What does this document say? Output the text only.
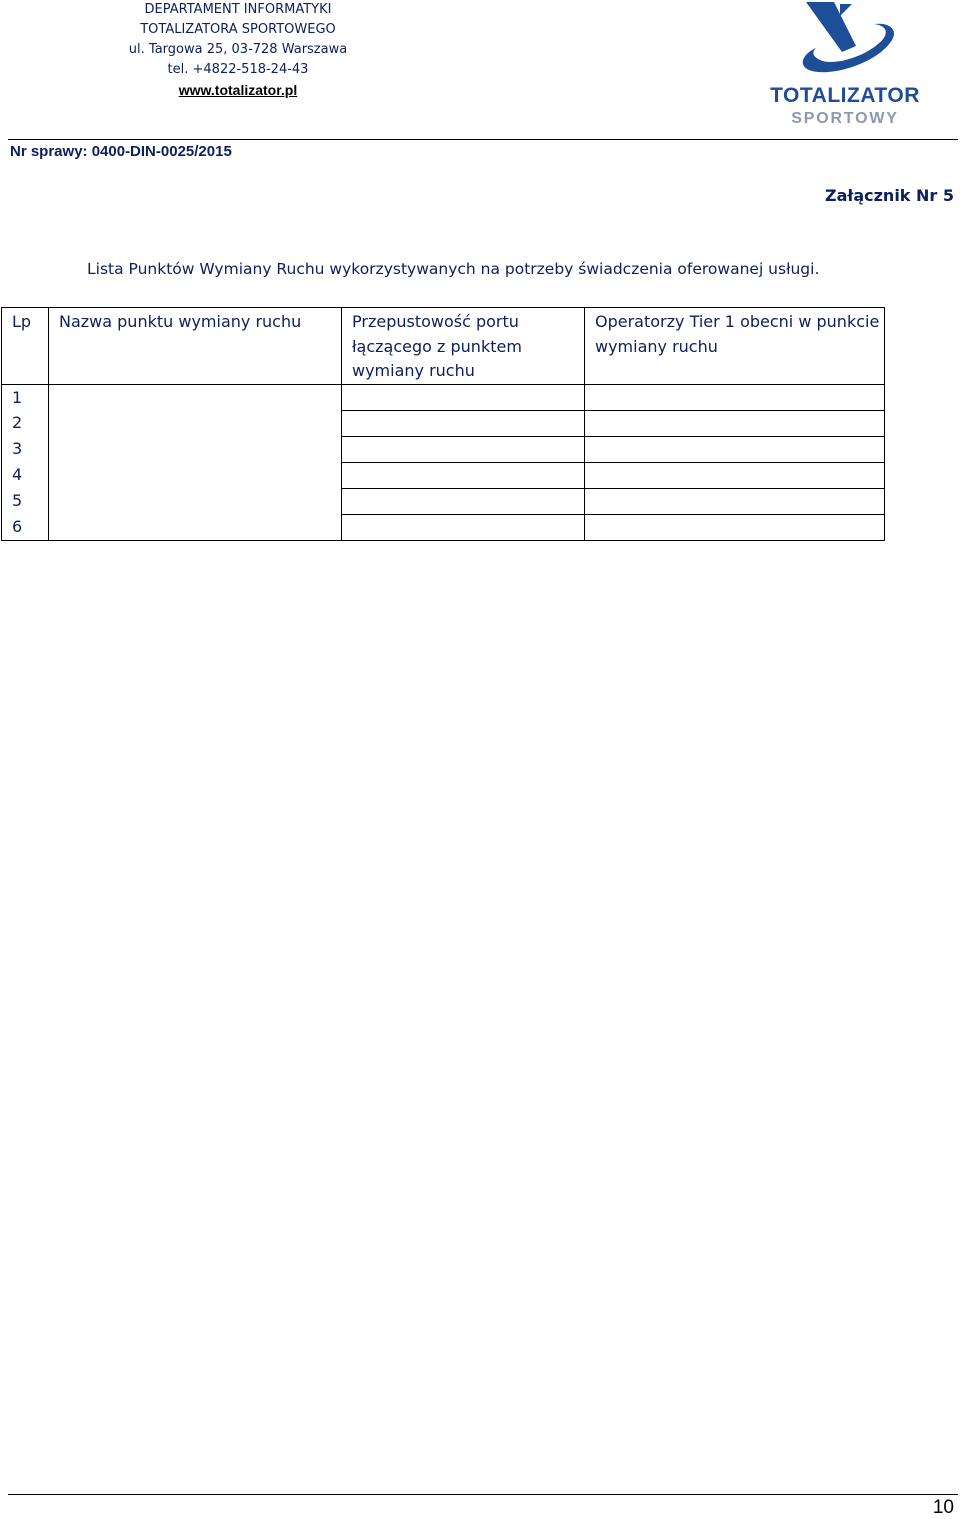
DEPARTAMENT INFORMATYKI
TOTALIZATORA SPORTOWEGO
ul. Targowa 25, 03-728 Warszawa
tel. +4822-518-24-43
www.totalizator.pl	TOTALIZATOR
SPORTOWY
Nr sprawy: 0400-DIN-0025/2015
Załącznik Nr 5
Lista Punktów Wymiany Ruchu wykorzystywanych na potrzeby świadczenia oferowanej usługi.
Lp	Nazwa punktu wymiany ruchu	Przepustowość portu łączącego z punktem wymiany ruchu	Operatorzy Tier 1 obecni w punkcie wymiany ruchu
1			
2			
3			
4			
5			
6			
10
